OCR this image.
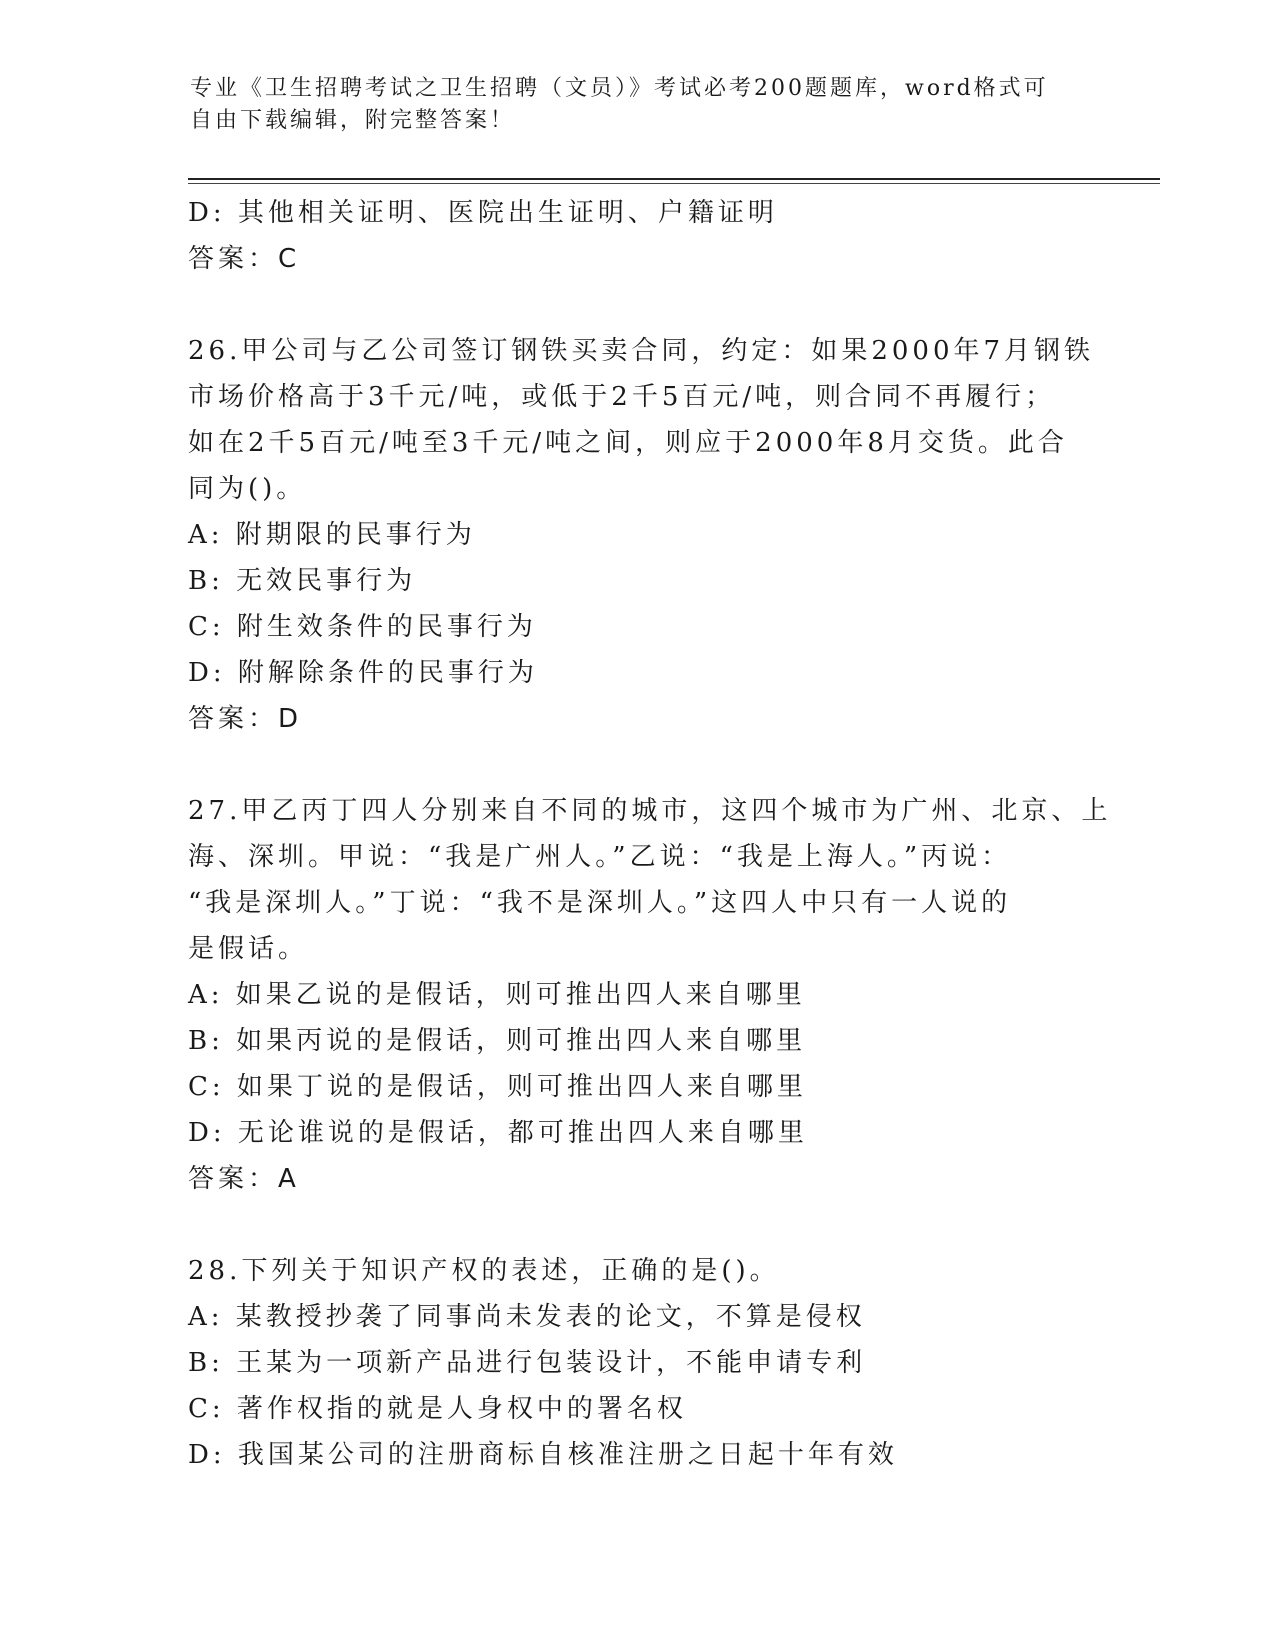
专业《卫生招聘考试之卫生招聘（文员）》考试必考200题题库，word格式可自由下载编辑，附完整答案！

D: 其他相关证明、医院出生证明、户籍证明

答案：C

26.甲公司与乙公司签订钢铁买卖合同，约定：如果2000年7月钢铁

市场价格高于3千元/吨，或低于2千5百元/吨，则合同不再履行；

如在2千5百元/吨至3千元/吨之间，则应于2000年8月交货。此合

同为()。

A: 附期限的民事行为

B: 无效民事行为

C: 附生效条件的民事行为

D: 附解除条件的民事行为

答案：D

27.甲乙丙丁四人分别来自不同的城市，这四个城市为广州、北京、上

海、深圳。甲说：“我是广州人。”乙说：“我是上海人。”丙说：

“我是深圳人。”丁说：“我不是深圳人。”这四人中只有一人说的

是假话。

A: 如果乙说的是假话，则可推出四人来自哪里

B: 如果丙说的是假话，则可推出四人来自哪里

C: 如果丁说的是假话，则可推出四人来自哪里

D: 无论谁说的是假话，都可推出四人来自哪里

答案：A

28.下列关于知识产权的表述，正确的是()。

A: 某教授抄袭了同事尚未发表的论文，不算是侵权

B: 王某为一项新产品进行包装设计，不能申请专利

C: 著作权指的就是人身权中的署名权

D: 我国某公司的注册商标自核准注册之日起十年有效
